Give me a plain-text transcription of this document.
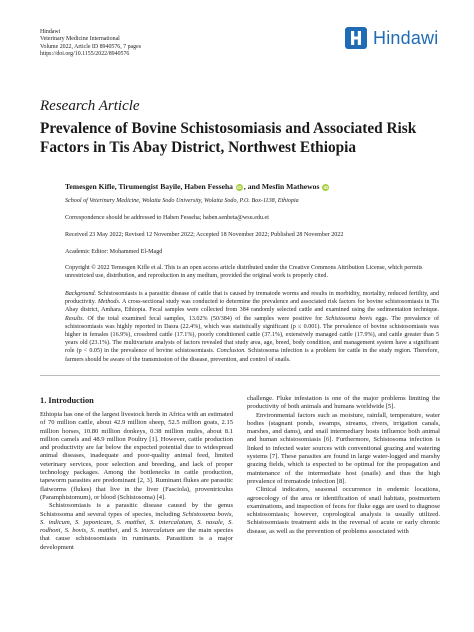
Hindawi
Veterinary Medicine International
Volume 2022, Article ID 8940576, 7 pages
https://doi.org/10.1155/2022/8940576
Hindawi
Research Article
Prevalence of Bovine Schistosomiasis and Associated Risk Factors in Tis Abay District, Northwest Ethiopia
Temesgen Kifle, Tirumengist Bayile, Haben Fesseha iD , and Mesfin Mathewos iD
School of Veterinary Medicine, Wolaita Sodo University, Wolaita Sodo, P.O. Box-1138, Ethiopia
Correspondence should be addressed to Haben Fesseha; haben.senbeta@wsu.edu.et
Received 23 May 2022; Revised 12 November 2022; Accepted 18 November 2022; Published 28 November 2022
Academic Editor: Mohammed El-Magd
Copyright © 2022 Temesgen Kifle et al. This is an open access article distributed under the Creative Commons Attribution License, which permits unrestricted use, distribution, and reproduction in any medium, provided the original work is properly cited.
Background. Schistosomiasis is a parasitic disease of cattle that is caused by trematode worms and results in morbidity, mortality, reduced fertility, and productivity. Methods. A cross-sectional study was conducted to determine the prevalence and associated risk factors for bovine schistosomiasis in Tis Abay district, Amhara, Ethiopia. Fecal samples were collected from 384 randomly selected cattle and examined using the sedimentation technique. Results. Of the total examined fecal samples, 13.02% (50/384) of the samples were positive for Schistosoma bovis eggs. The prevalence of schistosomiasis was highly reported in Dasra (22.4%), which was statistically significant (p ≤ 0.001). The prevalence of bovine schistosomiasis was higher in females (16.9%), crossbred cattle (17.1%), poorly conditioned cattle (37.1%), extensively managed cattle (17.9%), and cattle greater than 5 years old (23.1%). The multivariate analysis of factors revealed that study area, age, breed, body condition, and management system have a significant role (p < 0.05) in the prevalence of bovine schistosomiasis. Conclusion. Schistosoma infection is a problem for cattle in the study region. Therefore, farmers should be aware of the transmission of the disease, prevention, and control of snails.
1. Introduction

Ethiopia has one of the largest livestock herds in Africa with an estimated of 70 million cattle, about 42.9 million sheep, 52.5 million goats, 2.15 million horses, 10.80 million donkeys, 0.38 million mules, about 8.1 million camels and 48.9 million Poultry [1]. However, cattle production and productivity are far below the expected potential due to widespread animal diseases, inadequate and poor-quality animal feed, limited veterinary services, poor selection and breeding, and lack of proper technology packages. Among the bottlenecks in cattle production, tapeworm parasites are predominant [2, 3]. Ruminant flukes are parasitic flatworms (flukes) that live in the liver (Fasciola), proventriculus (Paramphistomum), or blood (Schistosoma) [4].

Schistosomiasis is a parasitic disease caused by the genus Schistosoma and several types of species, including Schistosoma bovis, S. indicum, S. japonicum, S. matthei, S. intercalatum, S. nasale, S. rodhoni, S. bovis, S. matthei, and S. intercalatum are the main species that cause schistosomiasis in ruminants. Parasitism is a major development

challenge. Fluke infestation is one of the major problems limiting the productivity of both animals and humans worldwide [5].

Environmental factors such as moisture, rainfall, temperature, water bodies (stagnant ponds, swamps, streams, rivers, irrigation canals, marshes, and dams), and snail intermediary hosts influence both animal and human schistosomiasis [6]. Furthermore, Schistosoma infection is linked to infected water sources with conventional grazing and watering systems [7]. These parasites are found in large water-logged and marshy grazing fields, which is expected to be optimal for the propagation and maintenance of the intermediate host (snails) and thus the high prevalence of trematode infection [8].

Clinical indicators, seasonal occurrence in endemic locations, agroecology of the area or identification of snail habitats, postmortem examinations, and inspection of feces for fluke eggs are used to diagnose schistosomiasis; however, coprological analysis is usually utilized. Schistosomiasis treatment aids in the reversal of acute or early chronic disease, as well as the prevention of problems associated with
